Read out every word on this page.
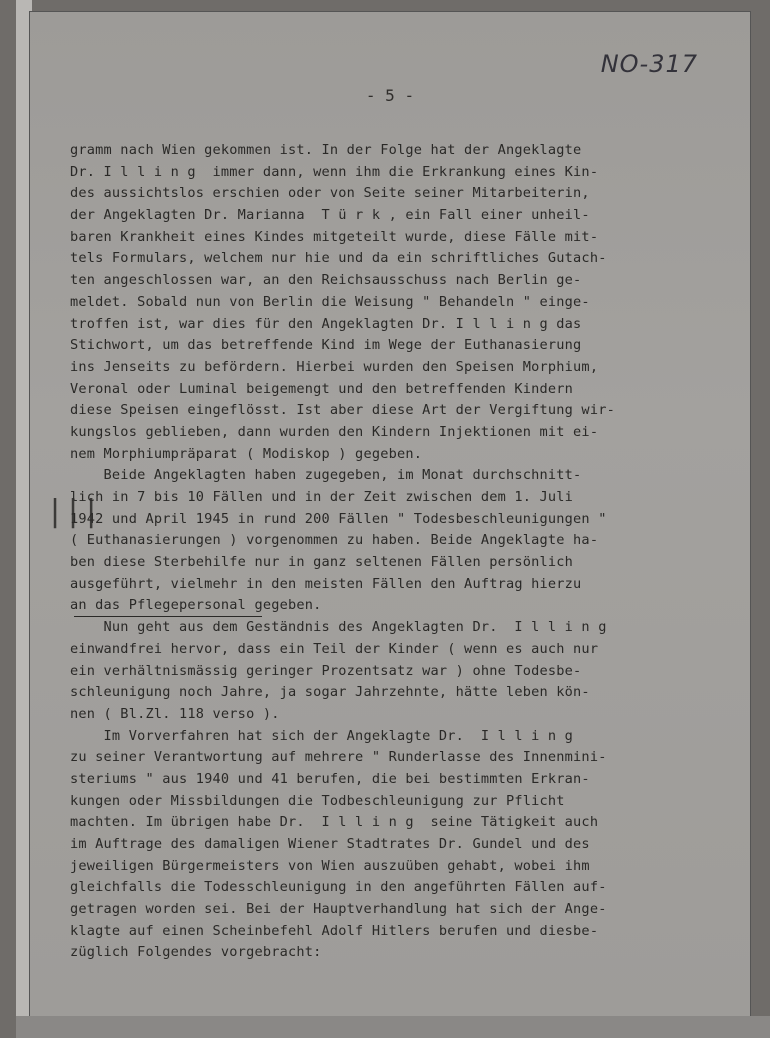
NO-317
- 5 -
|||
gramm nach Wien gekommen ist. In der Folge hat der Angeklagte
Dr. I l l i n g  immer dann, wenn ihm die Erkrankung eines Kin-
des aussichtslos erschien oder von Seite seiner Mitarbeiterin,
der Angeklagten Dr. Marianna  T ü r k , ein Fall einer unheil-
baren Krankheit eines Kindes mitgeteilt wurde, diese Fälle mit-
tels Formulars, welchem nur hie und da ein schriftliches Gutach-
ten angeschlossen war, an den Reichsausschuss nach Berlin ge-
meldet. Sobald nun von Berlin die Weisung " Behandeln " einge-
troffen ist, war dies für den Angeklagten Dr. I l l i n g das
Stichwort, um das betreffende Kind im Wege der Euthanasierung
ins Jenseits zu befördern. Hierbei wurden den Speisen Morphium,
Veronal oder Luminal beigemengt und den betreffenden Kindern
diese Speisen eingeflösst. Ist aber diese Art der Vergiftung wir-
kungslos geblieben, dann wurden den Kindern Injektionen mit ei-
nem Morphiumpräparat ( Modiskop ) gegeben.
Beide Angeklagten haben zugegeben, im Monat durchschnitt-
lich in 7 bis 10 Fällen und in der Zeit zwischen dem 1. Juli
1942 und April 1945 in rund 200 Fällen " Todesbeschleunigungen "
( Euthanasierungen ) vorgenommen zu haben. Beide Angeklagte ha-
ben diese Sterbehilfe nur in ganz seltenen Fällen persönlich
ausgeführt, vielmehr in den meisten Fällen den Auftrag hierzu
an das Pflegepersonal gegeben.
Nun geht aus dem Geständnis des Angeklagten Dr.  I l l i n g
einwandfrei hervor, dass ein Teil der Kinder ( wenn es auch nur
ein verhältnismässig geringer Prozentsatz war ) ohne Todesbe-
schleunigung noch Jahre, ja sogar Jahrzehnte, hätte leben kön-
nen ( Bl.Zl. 118 verso ).
Im Vorverfahren hat sich der Angeklagte Dr.  I l l i n g
zu seiner Verantwortung auf mehrere " Runderlasse des Innenmini-
steriums " aus 1940 und 41 berufen, die bei bestimmten Erkran-
kungen oder Missbildungen die Todbeschleunigung zur Pflicht
machten. Im übrigen habe Dr.  I l l i n g  seine Tätigkeit auch
im Auftrage des damaligen Wiener Stadtrates Dr. Gundel und des
jeweiligen Bürgermeisters von Wien auszuüben gehabt, wobei ihm
gleichfalls die Todesschleunigung in den angeführten Fällen auf-
getragen worden sei. Bei der Hauptverhandlung hat sich der Ange-
klagte auf einen Scheinbefehl Adolf Hitlers berufen und diesbe-
züglich Folgendes vorgebracht:
